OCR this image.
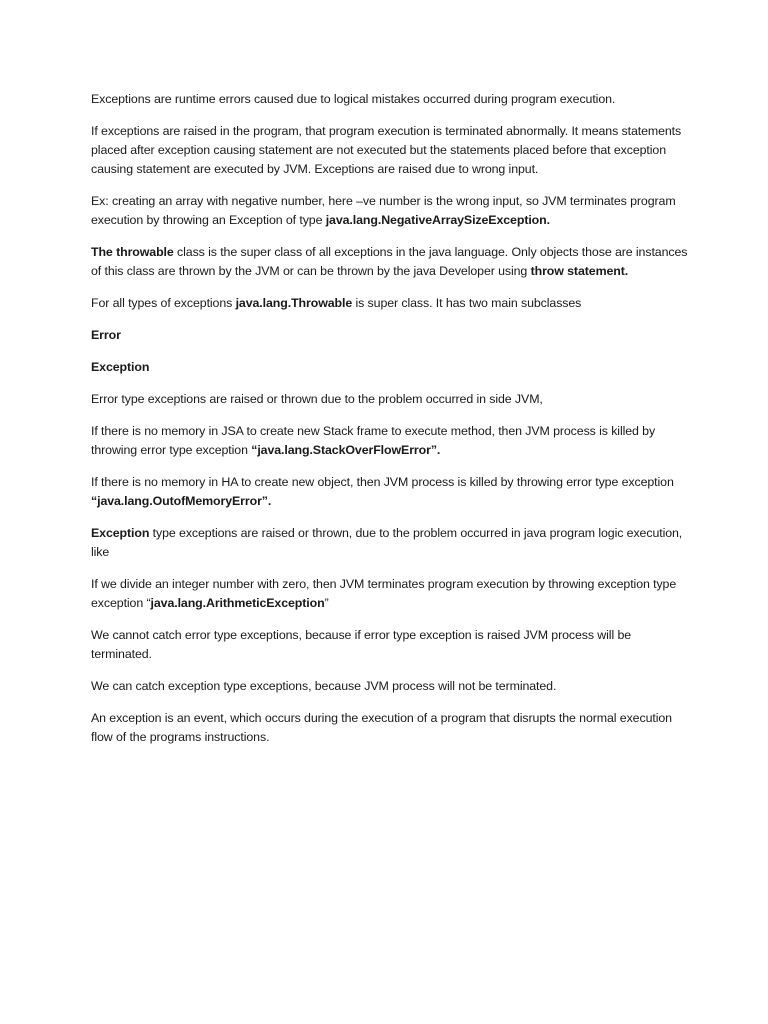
Exceptions are runtime errors caused due to logical mistakes occurred during program execution.

If exceptions are raised in the program, that program execution is terminated abnormally. It means statements placed after exception causing statement are not executed but the statements placed before that exception causing statement are executed by JVM. Exceptions are raised due to wrong input.

Ex: creating an array with negative number, here –ve number is the wrong input, so JVM terminates program execution by throwing an Exception of type java.lang.NegativeArraySizeException.

The throwable class is the super class of all exceptions in the java language. Only objects those are instances of this class are thrown by the JVM or can be thrown by the java Developer using throw statement.

For all types of exceptions java.lang.Throwable is super class. It has two main subclasses

Error

Exception

Error type exceptions are raised or thrown due to the problem occurred in side JVM,

If there is no memory in JSA to create new Stack frame to execute method, then JVM process is killed by throwing error type exception “java.lang.StackOverFlowError”.

If there is no memory in HA to create new object, then JVM process is killed by throwing error type exception “java.lang.OutofMemoryError”.

Exception type exceptions are raised or thrown, due to the problem occurred in java program logic execution, like

If we divide an integer number with zero, then JVM terminates program execution by throwing exception type exception “java.lang.ArithmeticException”

We cannot catch error type exceptions, because if error type exception is raised JVM process will be terminated.

We can catch exception type exceptions, because JVM process will not be terminated.

An exception is an event, which occurs during the execution of a program that disrupts the normal execution flow of the programs instructions.
